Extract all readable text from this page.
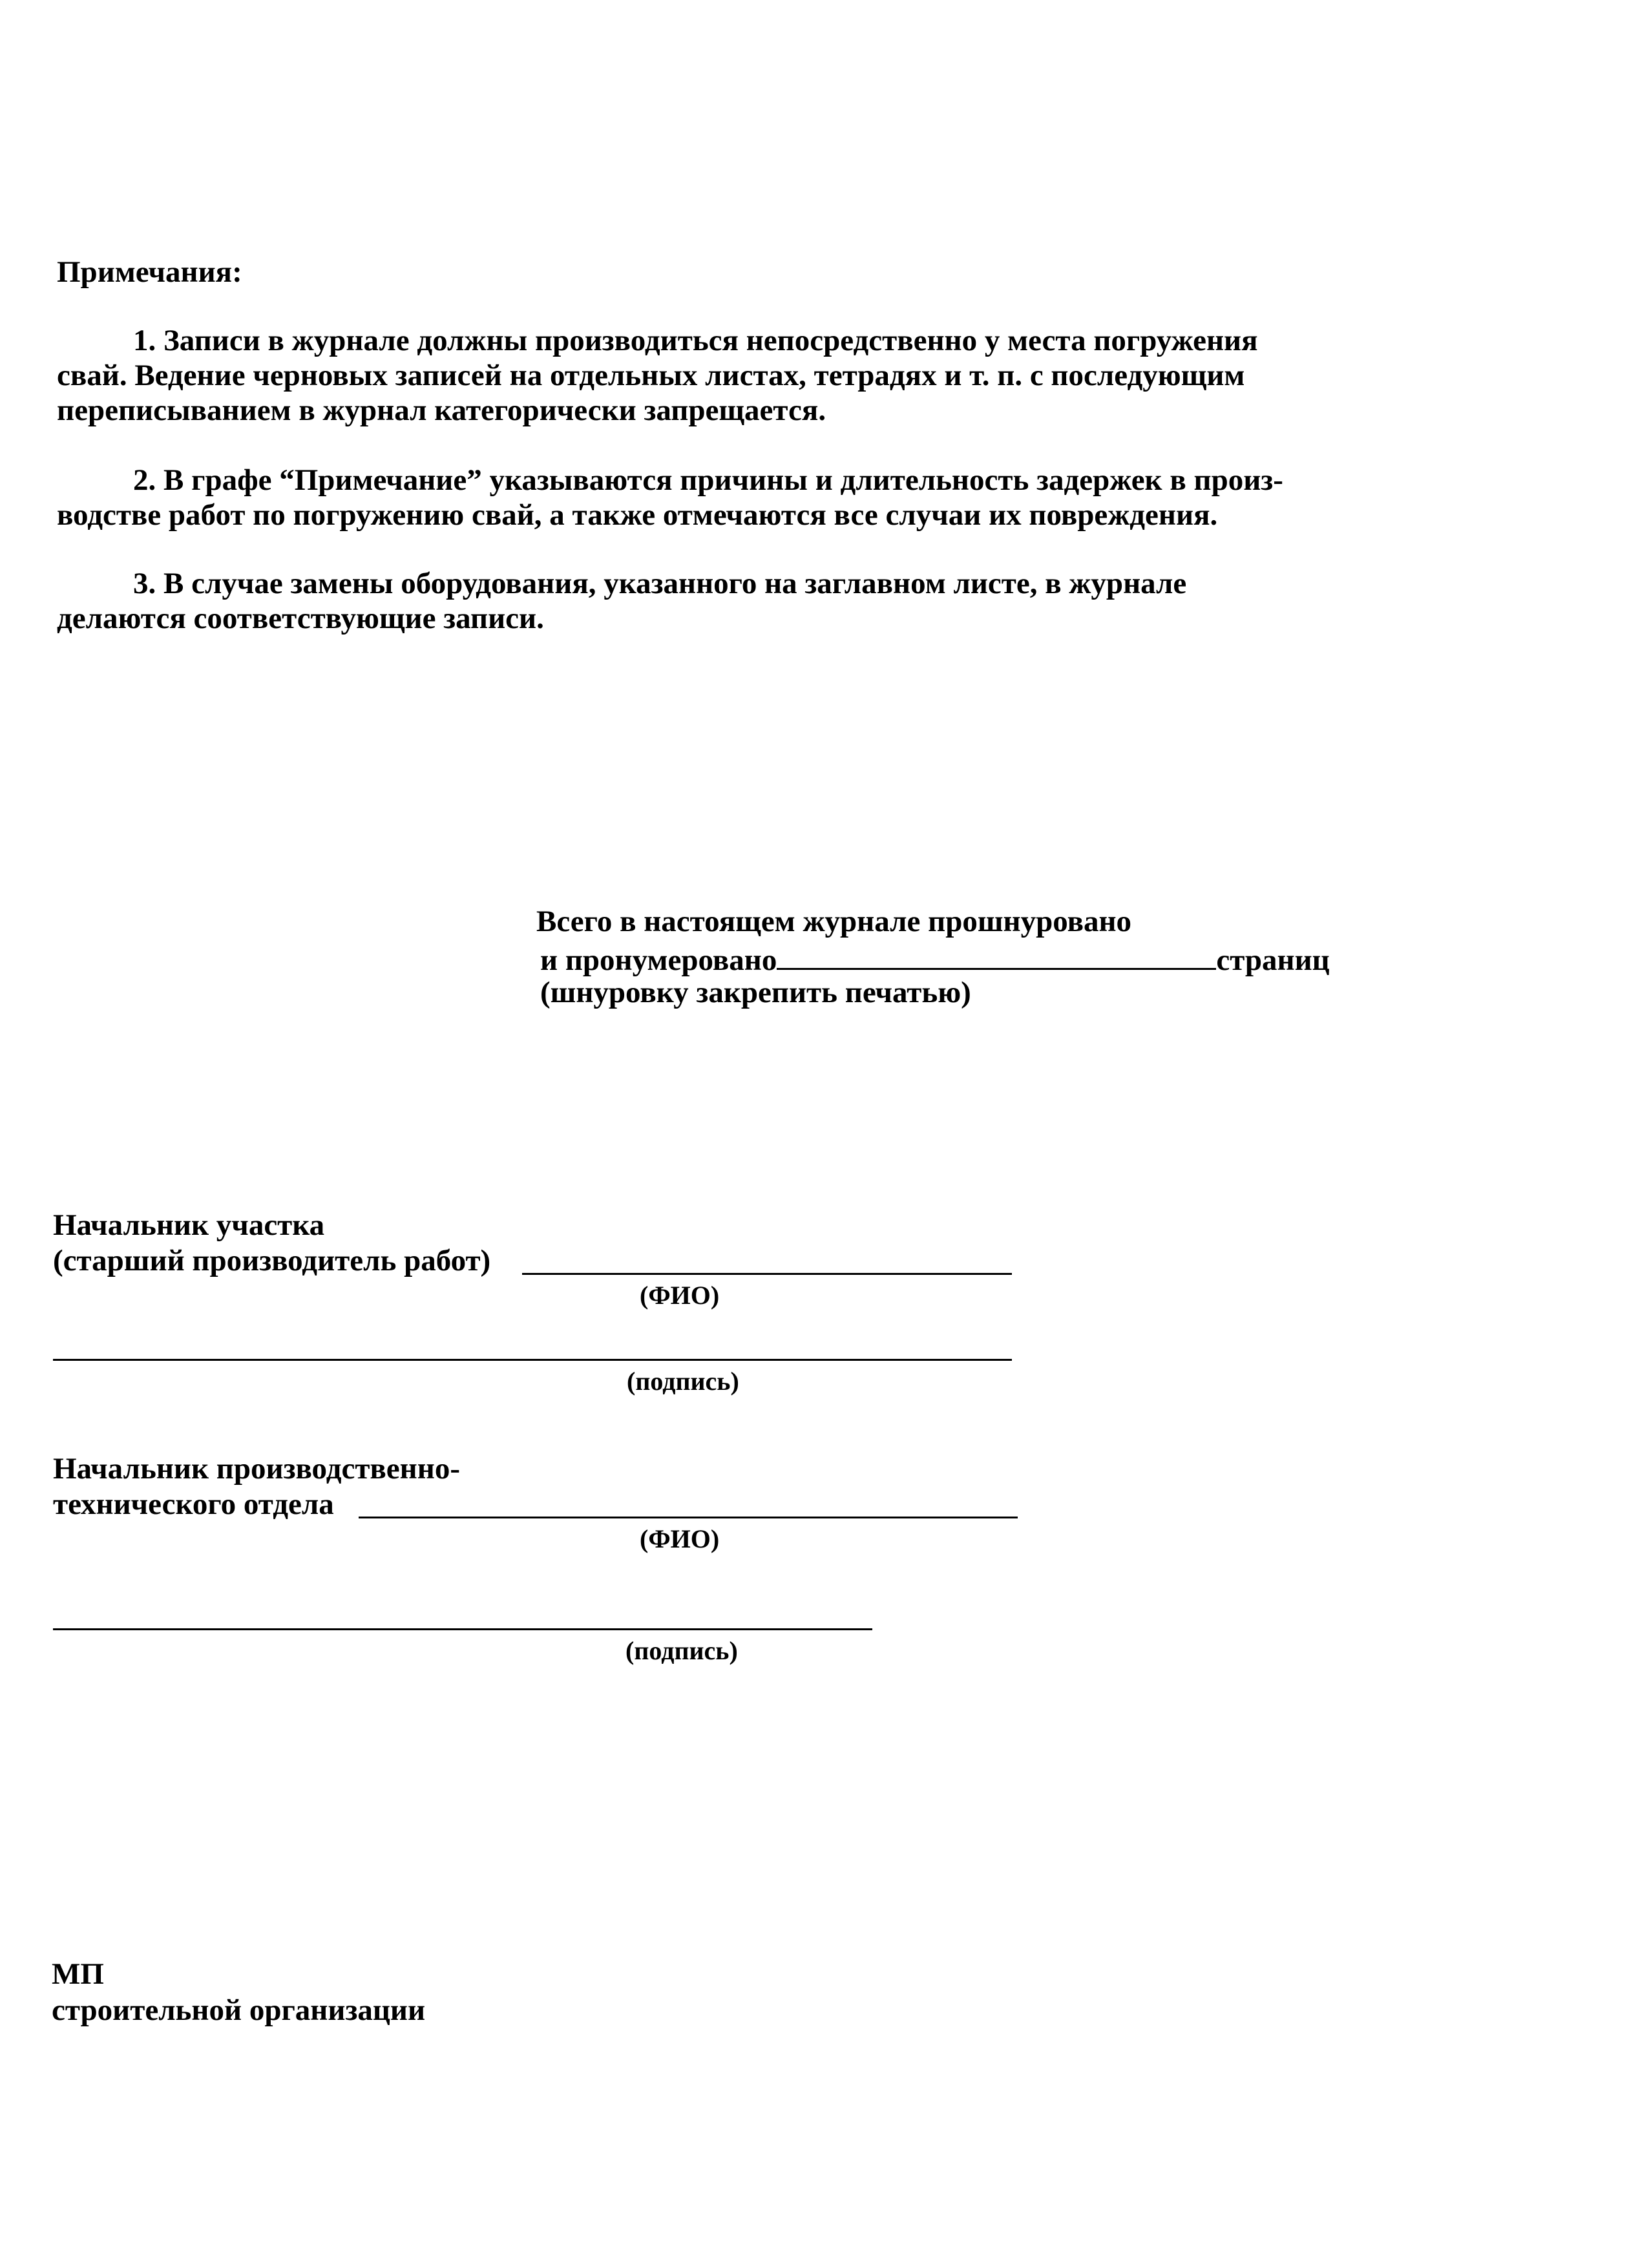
Примечания:

1. Записи в журнале должны производиться непосредственно у места погружения

свай. Ведение черновых записей на отдельных листах, тетрадях и т. п. с последующим

переписыванием в журнал категорически запрещается.

2. В графе “Примечание” указываются причины и длительность задержек в произ-

водстве работ по погружению свай, а также отмечаются все случаи их повреждения.

3. В случае замены оборудования, указанного на заглавном листе, в журнале

делаются соответствующие записи.

Всего в настоящем журнале прошнуровано
и пронумеровано	страниц
(шнуровку закрепить печатью)
Начальник участка
(старший производитель работ)
(ФИО)
(подпись)
Начальник производственно-
технического отдела
(ФИО)
(подпись)
МП
строительной организации
